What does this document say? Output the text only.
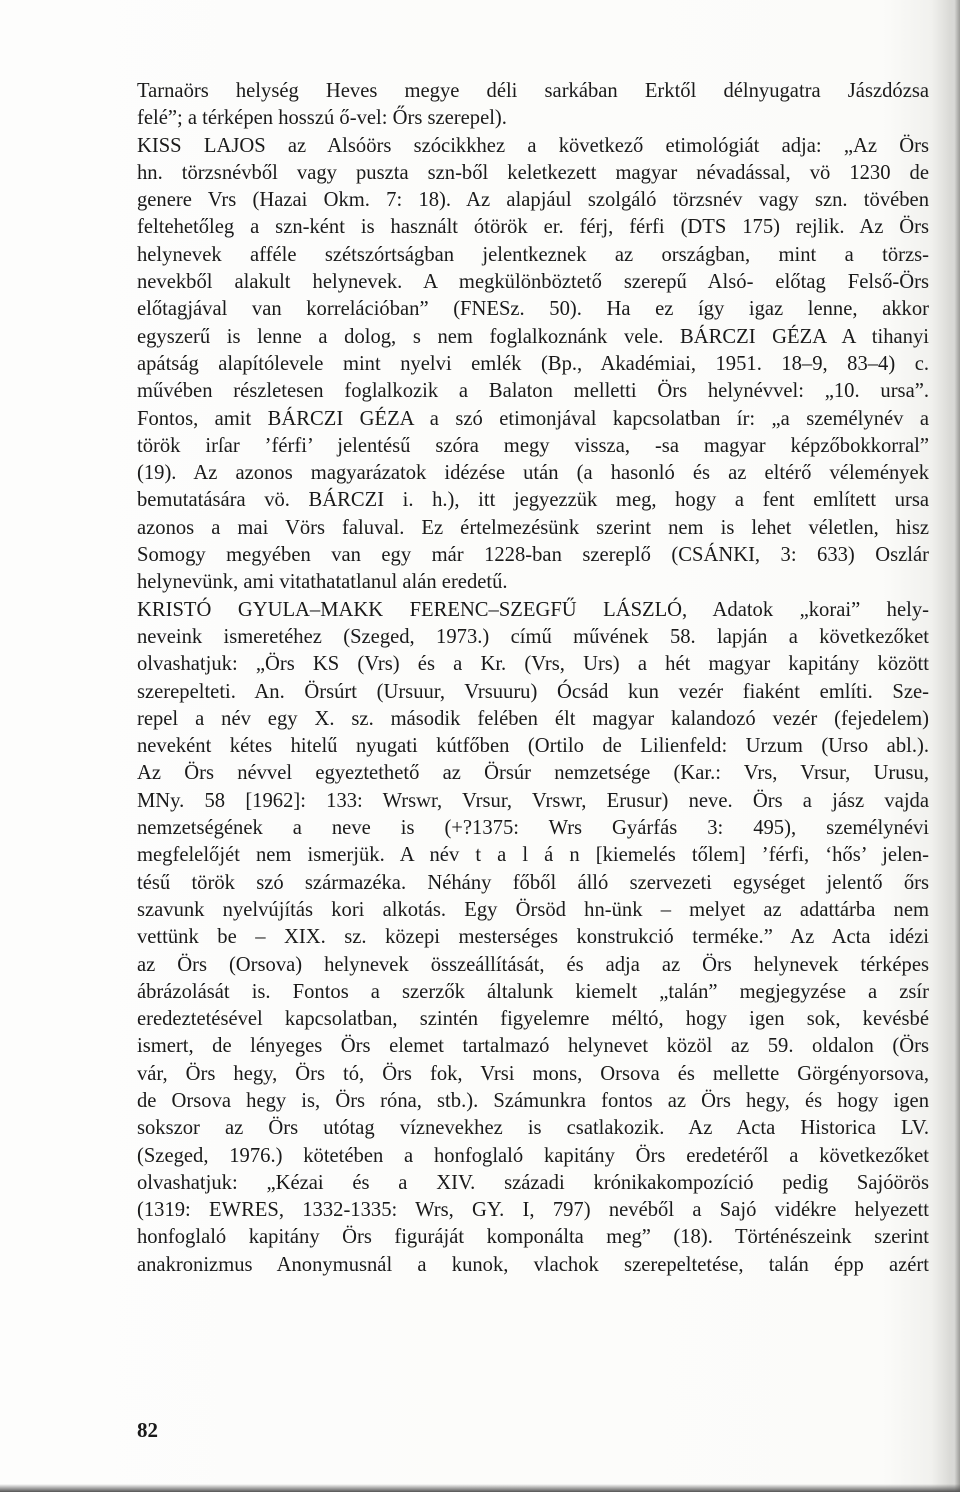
Tarnaörs helység Heves megye déli sarkában Erktől délnyugatra Jászdózsa
felé”; a térképen hosszú ő-vel: Őrs szerepel).
KISS LAJOS az Alsóörs szócikkhez a következő etimológiát adja: „Az Örs
hn. törzsnévből vagy puszta szn-ből keletkezett magyar névadással, vö 1230 de
genere Vrs (Hazai Okm. 7: 18). Az alapjául szolgáló törzsnév vagy szn. tövében
feltehetőleg a szn-ként is használt ótörök er. férj, férfi (DTS 175) rejlik. Az Örs
helynevek afféle szétszórtságban jelentkeznek az országban, mint a törzs-
nevekből alakult helynevek. A megkülönböztető szerepű Alsó- előtag Felső-Örs
előtagjával van korrelációban” (FNESz. 50). Ha ez így igaz lenne, akkor
egyszerű is lenne a dolog, s nem foglalkoznánk vele. BÁRCZI GÉZA A tihanyi
apátság alapítólevele mint nyelvi emlék (Bp., Akadémiai, 1951. 18–9, 83–4) c.
művében részletesen foglalkozik a Balaton melletti Örs helynévvel: „10. ursa”.
Fontos, amit BÁRCZI GÉZA a szó etimonjával kapcsolatban ír: „a személynév a
török irſar ’férfi’ jelentésű szóra megy vissza, -sa magyar képzőbokkorral”
(19). Az azonos magyarázatok idézése után (a hasonló és az eltérő vélemények
bemutatására vö. BÁRCZI i. h.), itt jegyezzük meg, hogy a fent említett ursa
azonos a mai Vörs faluval. Ez értelmezésünk szerint nem is lehet véletlen, hisz
Somogy megyében van egy már 1228-ban szereplő (CSÁNKI, 3: 633) Oszlár
helynevünk, ami vitathatatlanul alán eredetű.
KRISTÓ GYULA–MAKK FERENC–SZEGFŰ LÁSZLÓ, Adatok „korai” hely-
neveink ismeretéhez (Szeged, 1973.) című művének 58. lapján a következőket
olvashatjuk: „Örs KS (Vrs) és a Kr. (Vrs, Urs) a hét magyar kapitány között
szerepelteti. An. Örsúrt (Ursuur, Vrsuuru) Ócsád kun vezér fiaként említi. Sze-
repel a név egy X. sz. második felében élt magyar kalandozó vezér (fejedelem)
neveként kétes hitelű nyugati kútfőben (Ortilo de Lilienfeld: Urzum (Urso abl.).
Az Örs névvel egyeztethető az Örsúr nemzetsége (Kar.: Vrs, Vrsur, Urusu,
MNy. 58 [1962]: 133: Wrswr, Vrsur, Vrswr, Erusur) neve. Örs a jász vajda
nemzetségének a neve is (+?1375: Wrs Gyárfás 3: 495), személynévi
megfelelőjét nem ismerjük. A név t a l á n [kiemelés tőlem] ’férfi, ‘hős’ jelen-
tésű török szó származéka. Néhány főből álló szervezeti egységet jelentő őrs
szavunk nyelvújítás kori alkotás. Egy Örsöd hn-ünk – melyet az adattárba nem
vettünk be – XIX. sz. közepi mesterséges konstrukció terméke.” Az Acta idézi
az Örs (Orsova) helynevek összeállítását, és adja az Örs helynevek térképes
ábrázolását is. Fontos a szerzők általunk kiemelt „talán” megjegyzése a zsír
eredeztetésével kapcsolatban, szintén figyelemre méltó, hogy igen sok, kevésbé
ismert, de lényeges Örs elemet tartalmazó helynevet közöl az 59. oldalon (Örs
vár, Örs hegy, Örs tó, Örs fok, Vrsi mons, Orsova és mellette Görgényorsova,
de Orsova hegy is, Örs róna, stb.). Számunkra fontos az Örs hegy, és hogy igen
sokszor az Örs utótag víznevekhez is csatlakozik. Az Acta Historica LV.
(Szeged, 1976.) kötetében a honfoglaló kapitány Örs eredetéről a következőket
olvashatjuk: „Kézai és a XIV. századi krónikakompozíció pedig Sajóörös
(1319: EWRES, 1332-1335: Wrs, GY. I, 797) nevéből a Sajó vidékre helyezett
honfoglaló kapitány Örs figuráját komponálta meg” (18). Történészeink szerint
anakronizmus Anonymusnál a kunok, vlachok szerepeltetése, talán épp azért
82
